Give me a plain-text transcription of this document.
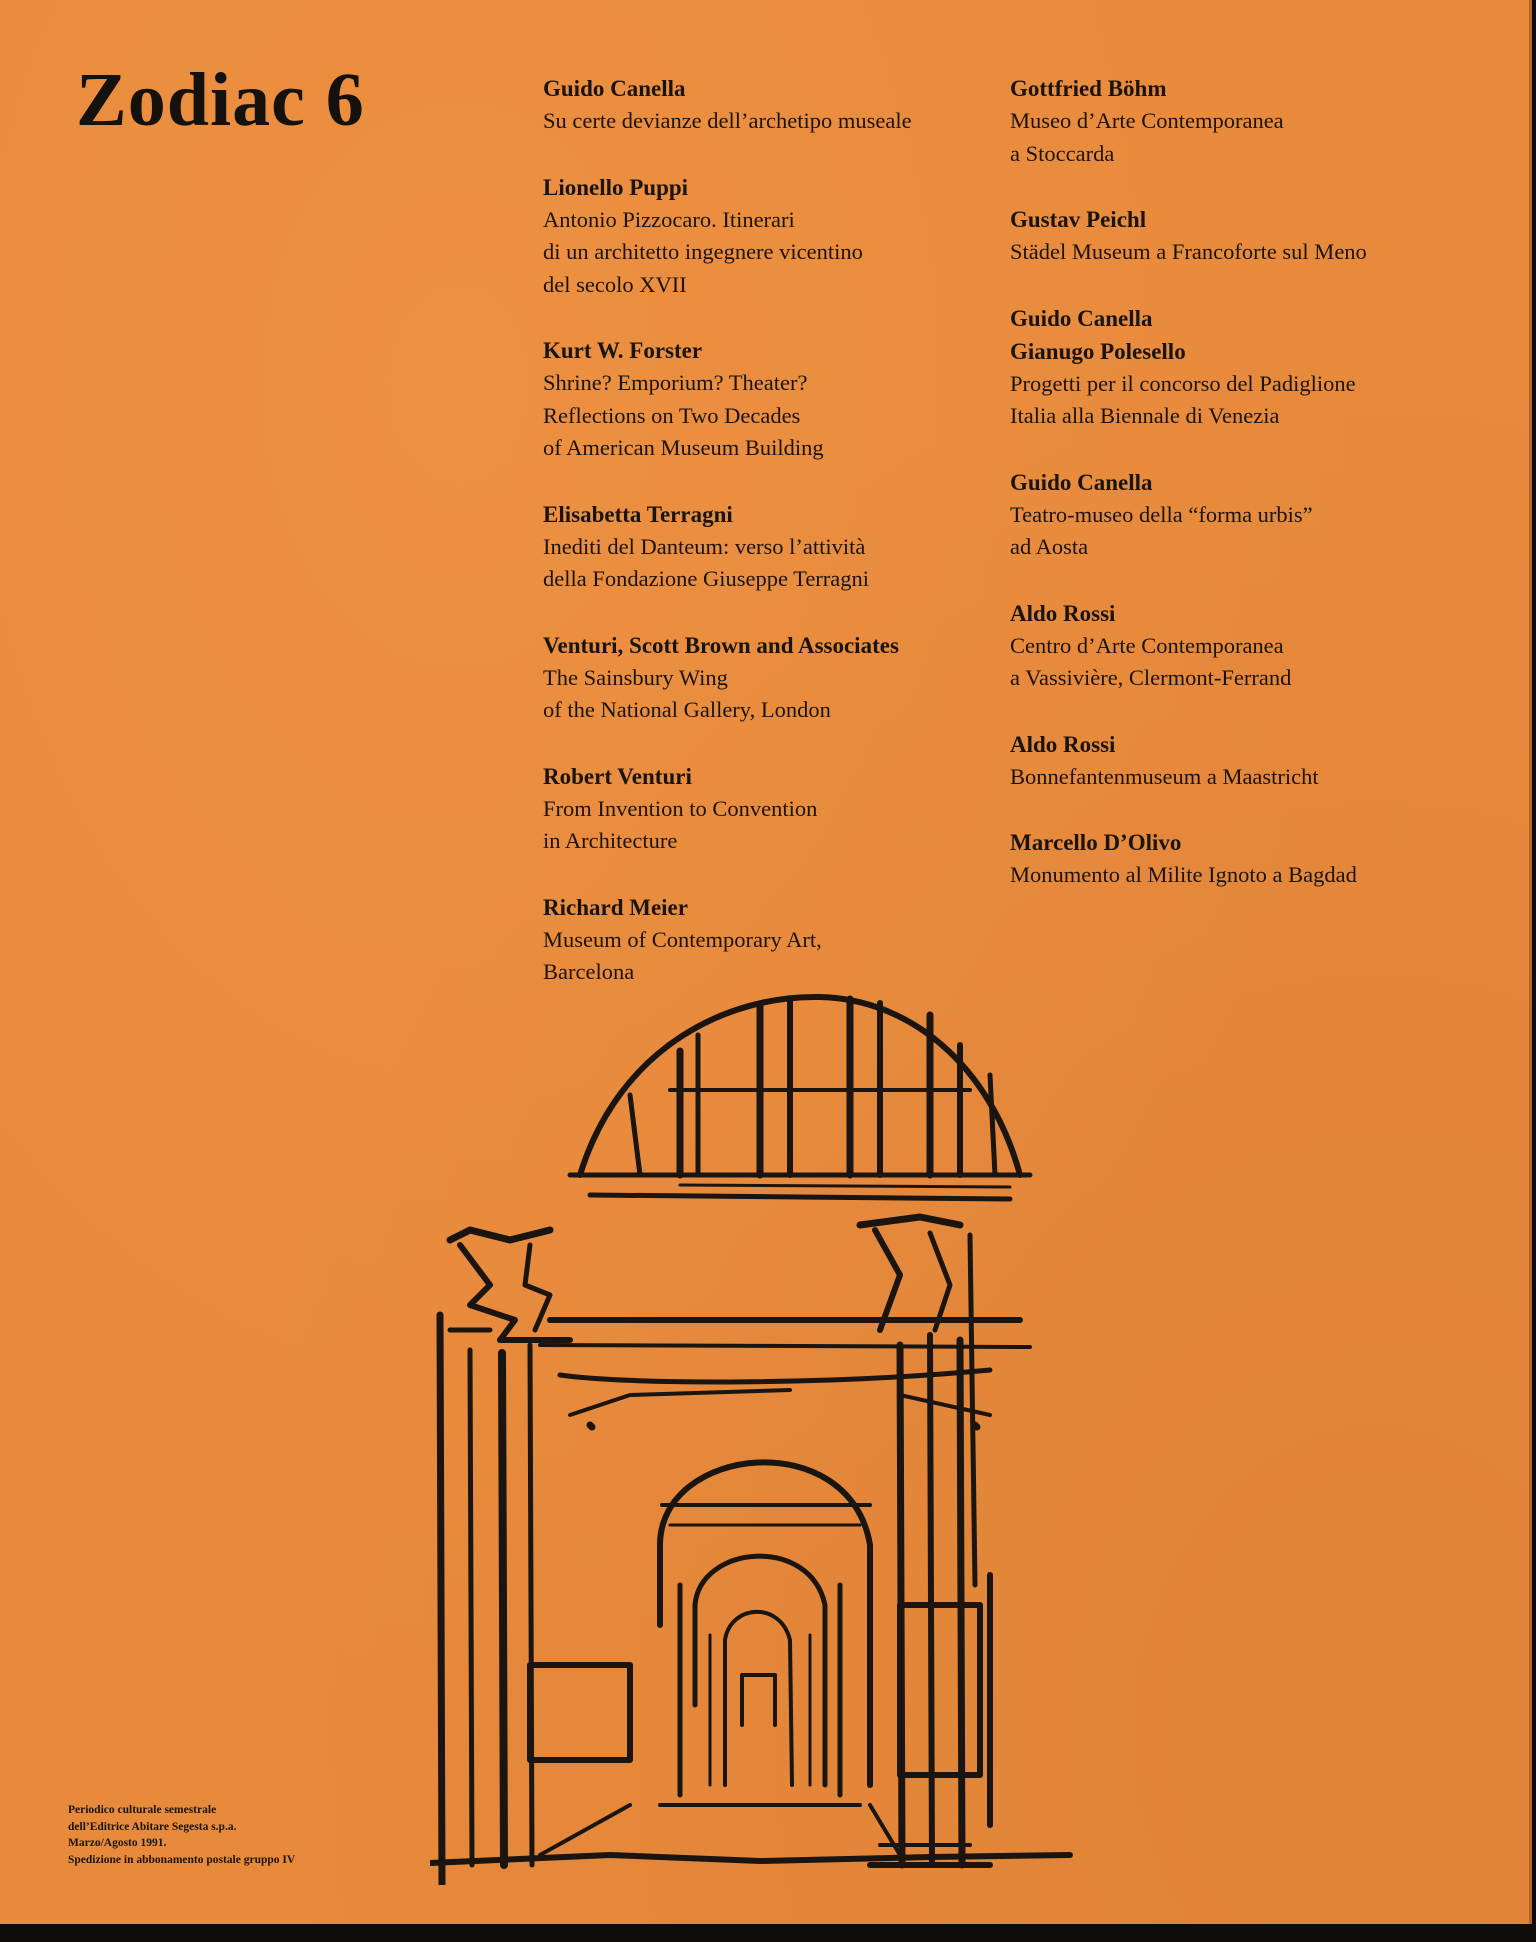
Zodiac 6	Guido Canella

Su certe devianze dell’archetipo museale

Lionello Puppi

Antonio Pizzocaro. Itinerari

di un architetto ingegnere vicentino

del secolo XVII

Kurt W. Forster

Shrine? Emporium? Theater?

Reflections on Two Decades

of American Museum Building

Elisabetta Terragni

Inediti del Danteum: verso l’attività

della Fondazione Giuseppe Terragni

Venturi, Scott Brown and Associates

The Sainsbury Wing

of the National Gallery, London

Robert Venturi

From Invention to Convention

in Architecture

Richard Meier

Museum of Contemporary Art,

Barcelona

Gottfried Böhm

Museo d’Arte Contemporanea

a Stoccarda

Gustav Peichl

Städel Museum a Francoforte sul Meno

Guido Canella

Gianugo Polesello

Progetti per il concorso del Padiglione

Italia alla Biennale di Venezia

Guido Canella

Teatro-museo della “forma urbis”

ad Aosta

Aldo Rossi

Centro d’Arte Contemporanea

a Vassivière, Clermont-Ferrand

Aldo Rossi

Bonnefantenmuseum a Maastricht

Marcello D’Olivo

Monumento al Milite Ignoto a Bagdad

Periodico culturale semestrale
dell’Editrice Abitare Segesta s.p.a.
Marzo/Agosto 1991.
Spedizione in abbonamento postale gruppo IV
